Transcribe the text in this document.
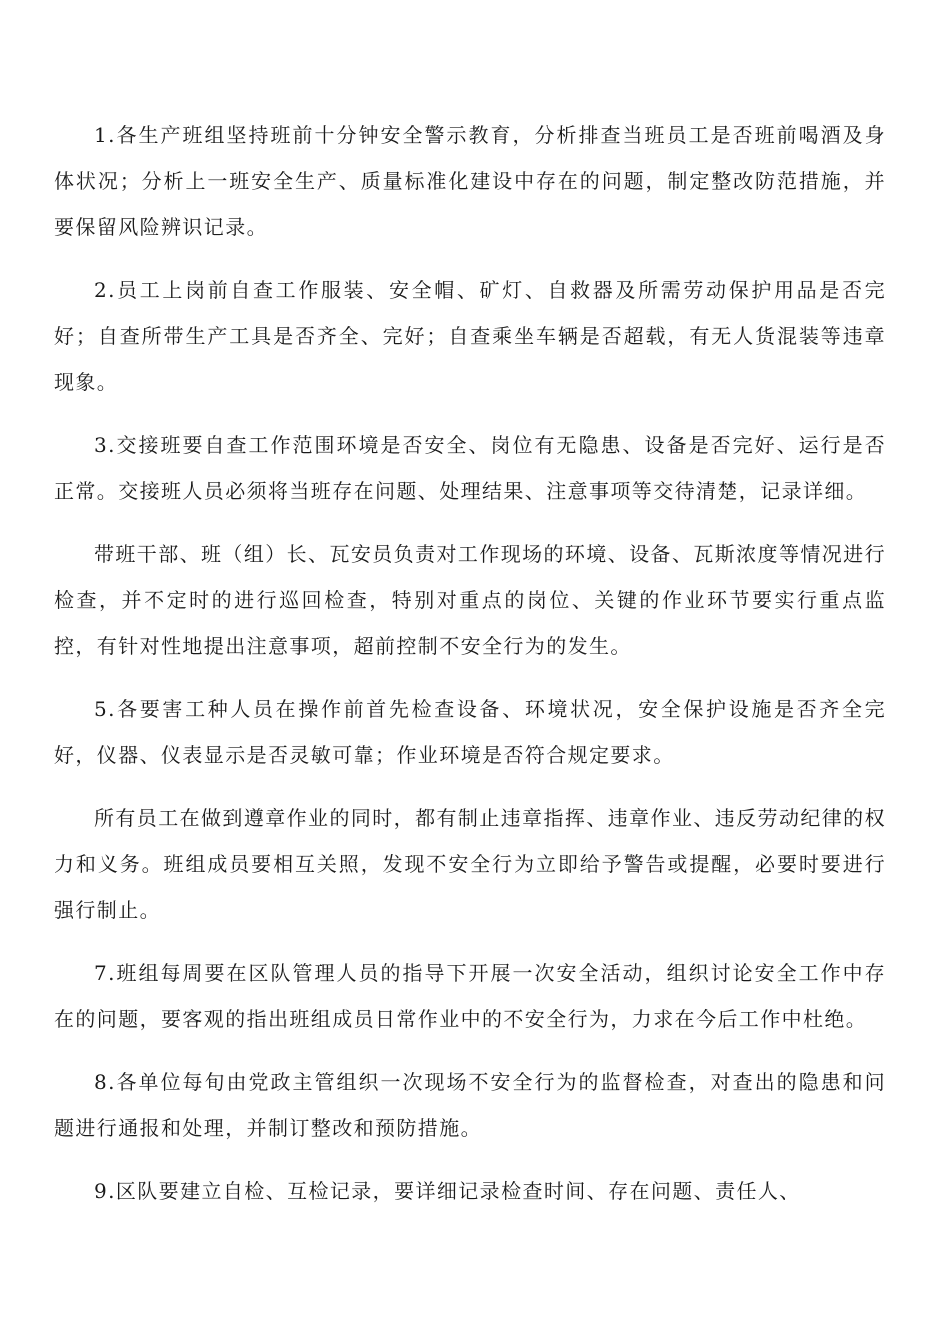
1.各生产班组坚持班前十分钟安全警示教育，分析排查当班员工是否班前喝酒及身体状况；分析上一班安全生产、质量标准化建设中存在的问题，制定整改防范措施，并要保留风险辨识记录。

2.员工上岗前自查工作服装、安全帽、矿灯、自救器及所需劳动保护用品是否完好；自查所带生产工具是否齐全、完好；自查乘坐车辆是否超载，有无人货混装等违章现象。

3.交接班要自查工作范围环境是否安全、岗位有无隐患、设备是否完好、运行是否正常。交接班人员必须将当班存在问题、处理结果、注意事项等交待清楚，记录详细。

带班干部、班（组）长、瓦安员负责对工作现场的环境、设备、瓦斯浓度等情况进行检查，并不定时的进行巡回检查，特别对重点的岗位、关键的作业环节要实行重点监控，有针对性地提出注意事项，超前控制不安全行为的发生。

5.各要害工种人员在操作前首先检查设备、环境状况，安全保护设施是否齐全完好，仪器、仪表显示是否灵敏可靠；作业环境是否符合规定要求。

所有员工在做到遵章作业的同时，都有制止违章指挥、违章作业、违反劳动纪律的权力和义务。班组成员要相互关照，发现不安全行为立即给予警告或提醒，必要时要进行强行制止。

7.班组每周要在区队管理人员的指导下开展一次安全活动，组织讨论安全工作中存在的问题，要客观的指出班组成员日常作业中的不安全行为，力求在今后工作中杜绝。

8.各单位每旬由党政主管组织一次现场不安全行为的监督检查，对查出的隐患和问题进行通报和处理，并制订整改和预防措施。

9.区队要建立自检、互检记录，要详细记录检查时间、存在问题、责任人、
